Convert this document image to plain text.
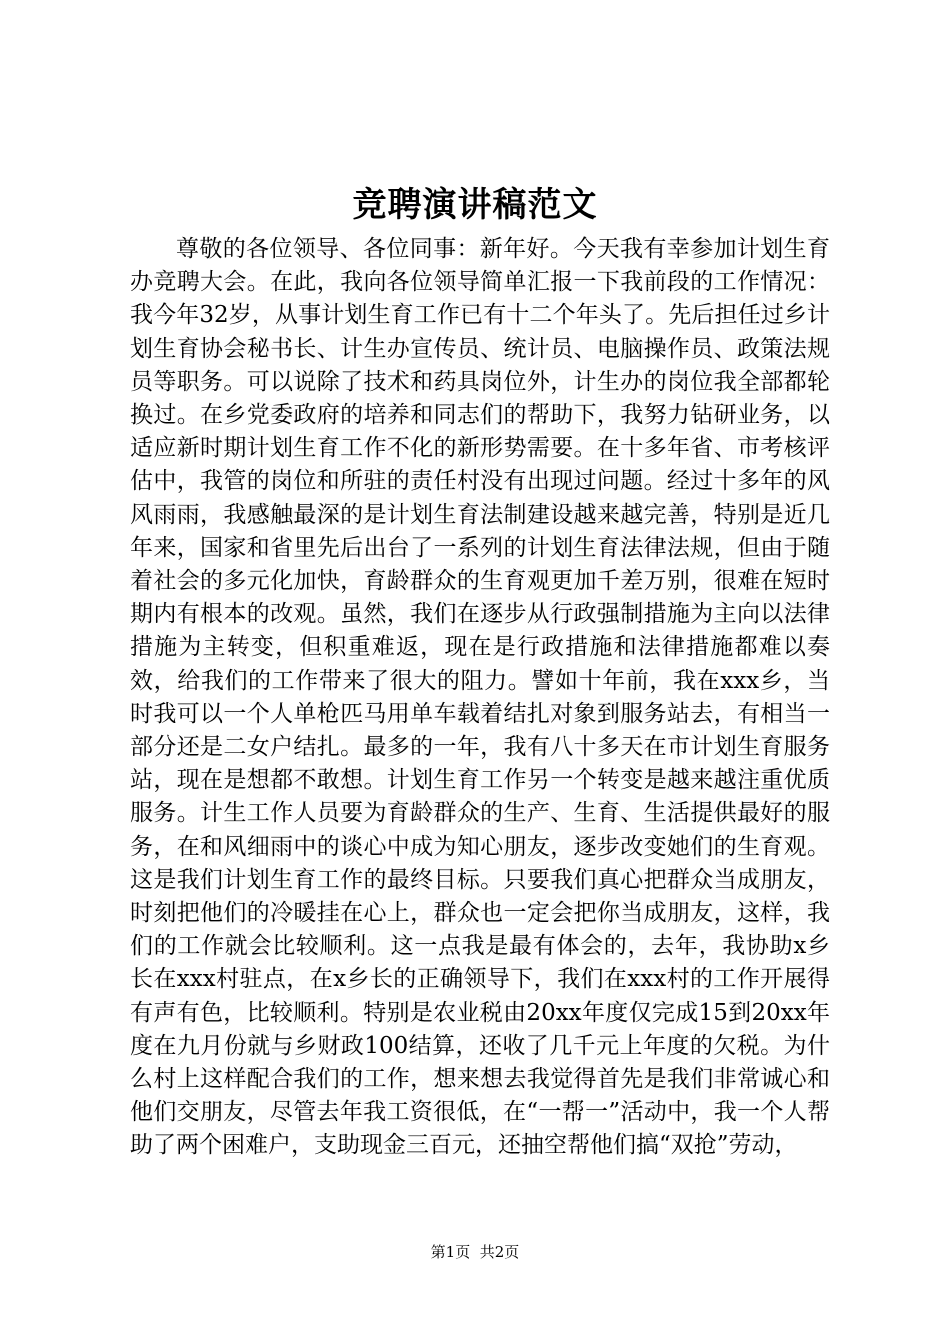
竞聘演讲稿范文

尊敬的各位领导、各位同事：新年好。今天我有幸参加计划生育办竞聘大会。在此，我向各位领导简单汇报一下我前段的工作情况：我今年32岁，从事计划生育工作已有十二个年头了。先后担任过乡计划生育协会秘书长、计生办宣传员、统计员、电脑操作员、政策法规员等职务。可以说除了技术和药具岗位外，计生办的岗位我全部都轮换过。在乡党委政府的培养和同志们的帮助下，我努力钻研业务，以适应新时期计划生育工作不化的新形势需要。在十多年省、市考核评估中，我管的岗位和所驻的责任村没有出现过问题。经过十多年的风风雨雨，我感触最深的是计划生育法制建设越来越完善，特别是近几年来，国家和省里先后出台了一系列的计划生育法律法规，但由于随着社会的多元化加快，育龄群众的生育观更加千差万别，很难在短时期内有根本的改观。虽然，我们在逐步从行政强制措施为主向以法律措施为主转变，但积重难返，现在是行政措施和法律措施都难以奏效，给我们的工作带来了很大的阻力。譬如十年前，我在xxx乡，当时我可以一个人单枪匹马用单车载着结扎对象到服务站去，有相当一部分还是二女户结扎。最多的一年，我有八十多天在市计划生育服务站，现在是想都不敢想。计划生育工作另一个转变是越来越注重优质服务。计生工作人员要为育龄群众的生产、生育、生活提供最好的服务，在和风细雨中的谈心中成为知心朋友，逐步改变她们的生育观。这是我们计划生育工作的最终目标。只要我们真心把群众当成朋友，时刻把他们的冷暖挂在心上，群众也一定会把你当成朋友，这样，我们的工作就会比较顺利。这一点我是最有体会的，去年，我协助x乡长在xxx村驻点，在x乡长的正确领导下，我们在xxx村的工作开展得有声有色，比较顺利。特别是农业税由20xx年度仅完成15到20xx年度在九月份就与乡财政100结算，还收了几千元上年度的欠税。为什么村上这样配合我们的工作，想来想去我觉得首先是我们非常诚心和他们交朋友，尽管去年我工资很低，在“一帮一”活动中，我一个人帮助了两个困难户，支助现金三百元，还抽空帮他们搞“双抢”劳动，

第1页 共2页
